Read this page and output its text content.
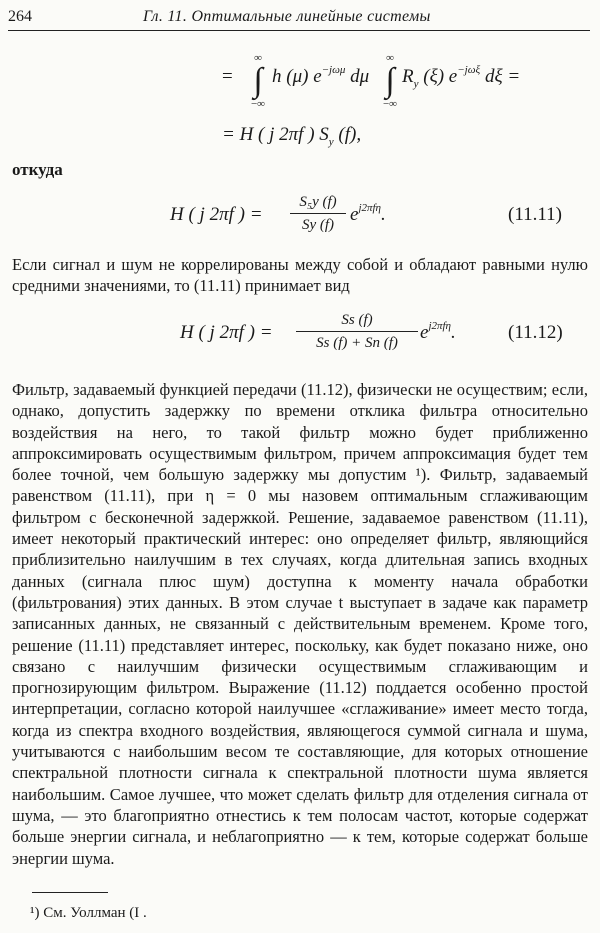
264	Гл. 11. Оптимальные линейные системы
=
∞
∫
−∞
h (μ) $e^{-j\omega\mu}$ dμ
∞
∫
−∞
$R_y$ (ξ) $e^{-j\omega\xi}$ dξ =
= H ( j 2πf ) $S_y$ (f),
откуда
H ( j 2πf ) =
S₅y (f)
Sy (f) $e^{j2\pi f\eta}$.	(11.11)

Если сигнал и шум не коррелированы между собой и обладают равными нулю средними значениями, то (11.11) принимает вид

H ( j 2πf ) =
Ss (f)
Ss (f) + Sn (f)	$e^{j2\pi f\eta}$.	(11.12)

Фильтр, задаваемый функцией передачи (11.12), физически не осуществим; если, однако, допустить задержку по времени отклика фильтра относительно воздействия на него, то такой фильтр можно будет приближенно аппроксимировать осуществимым фильтром, причем аппроксимация будет тем более точной, чем большую задержку мы допустим ¹). Фильтр, задаваемый равенством (11.11), при η = 0 мы назовем оптимальным сглаживающим фильтром с бесконечной задержкой. Решение, задаваемое равенством (11.11), имеет некоторый практический интерес: оно определяет фильтр, являющийся приблизительно наилучшим в тех случаях, когда длительная запись входных данных (сигнала плюс шум) доступна к моменту начала обработки (фильтрования) этих данных. В этом случае t выступает в задаче как параметр записанных данных, не связанный с действительным временем. Кроме того, решение (11.11) представляет интерес, поскольку, как будет показано ниже, оно связано с наилучшим физически осуществимым сглаживающим и прогнозирующим фильтром. Выражение (11.12) поддается особенно простой интерпретации, согласно которой наилучшее «сглаживание» имеет место тогда, когда из спектра входного воздействия, являющегося суммой сигнала и шума, учитываются с наибольшим весом те составляющие, для которых отношение спектральной плотности сигнала к спектральной плотности шума является наибольшим. Самое лучшее, что может сделать фильтр для отделения сигнала от шума, — это благоприятно отнестись к тем полосам частот, которые содержат больше энергии сигнала, и неблагоприятно — к тем, которые содержат больше энергии шума.

¹) См. Уоллман (I .
